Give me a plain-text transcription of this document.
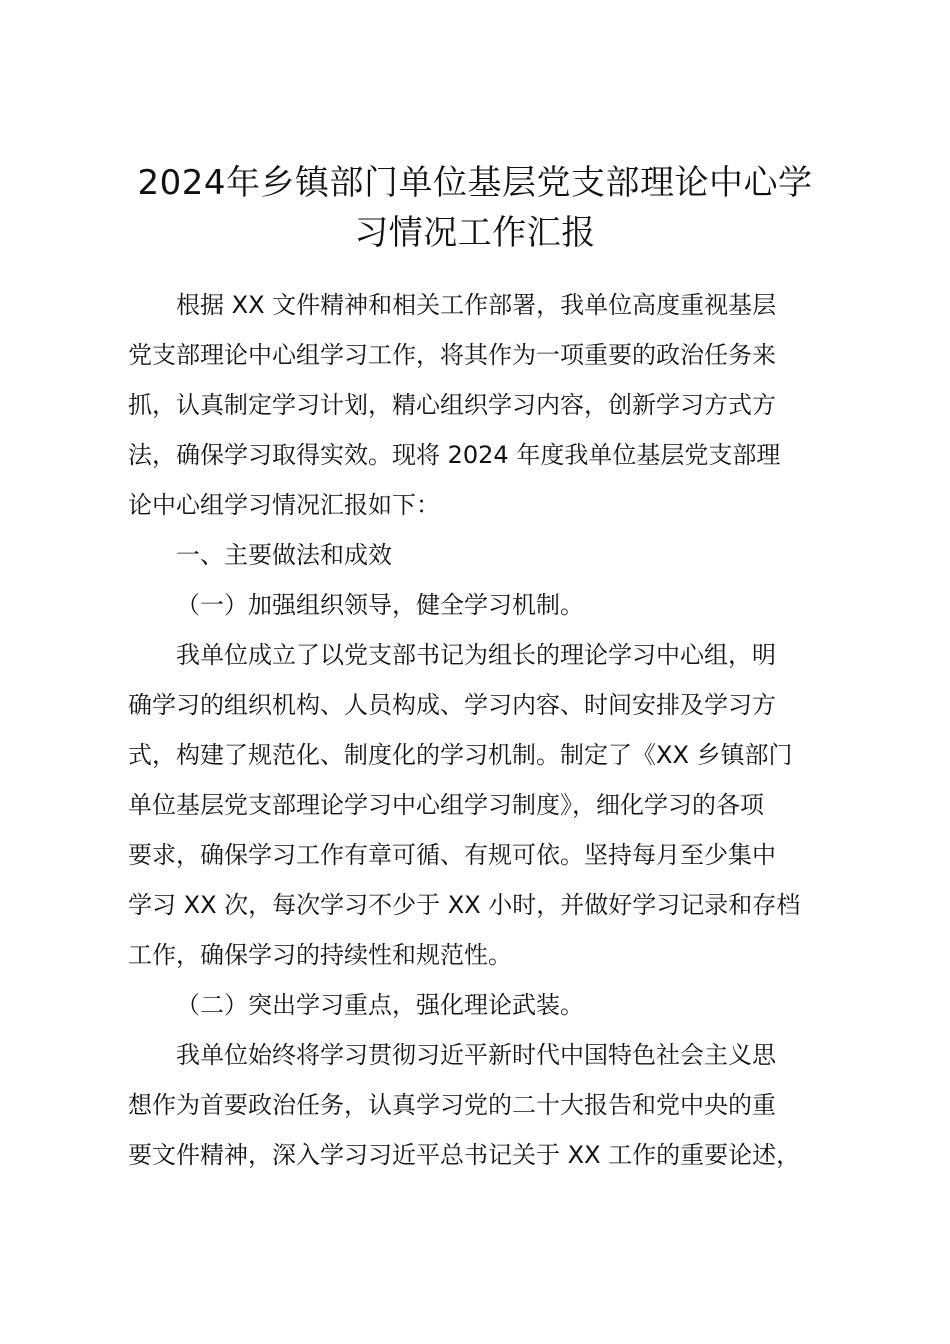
2024年乡镇部门单位基层党支部理论中心学
习情况工作汇报
根据 XX 文件精神和相关工作部署，我单位高度重视基层
党支部理论中心组学习工作，将其作为一项重要的政治任务来
抓，认真制定学习计划，精心组织学习内容，创新学习方式方
法，确保学习取得实效。现将 2024 年度我单位基层党支部理
论中心组学习情况汇报如下：
一、主要做法和成效
（一）加强组织领导，健全学习机制。
我单位成立了以党支部书记为组长的理论学习中心组，明
确学习的组织机构、人员构成、学习内容、时间安排及学习方
式，构建了规范化、制度化的学习机制。制定了《XX 乡镇部门
单位基层党支部理论学习中心组学习制度》，细化学习的各项
要求，确保学习工作有章可循、有规可依。坚持每月至少集中
学习 XX 次，每次学习不少于 XX 小时，并做好学习记录和存档
工作，确保学习的持续性和规范性。
（二）突出学习重点，强化理论武装。
我单位始终将学习贯彻习近平新时代中国特色社会主义思
想作为首要政治任务，认真学习党的二十大报告和党中央的重
要文件精神，深入学习习近平总书记关于 XX 工作的重要论述，
